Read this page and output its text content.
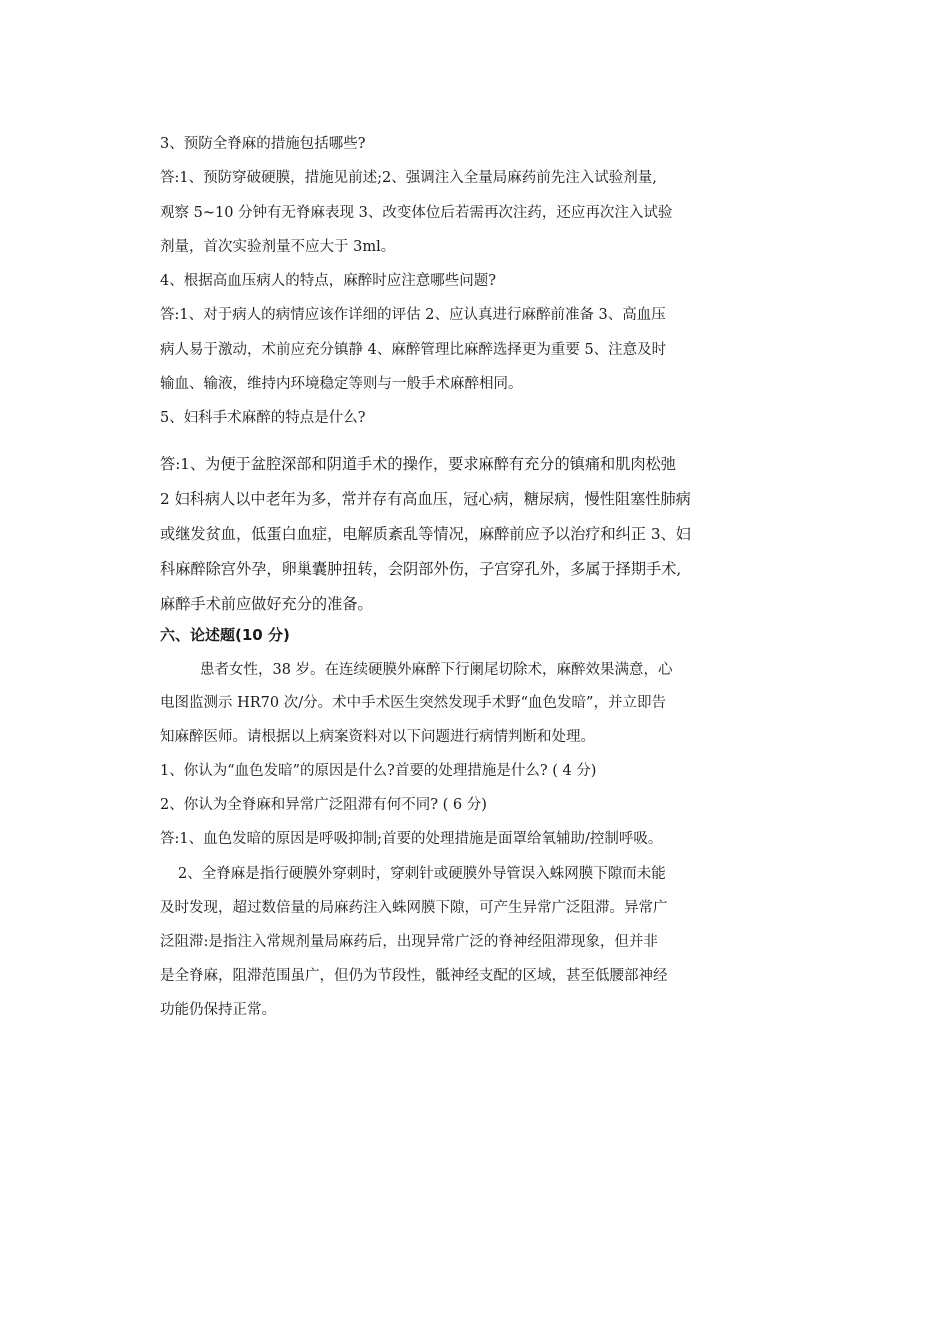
3、预防全脊麻的措施包括哪些?
答:1、预防穿破硬膜，措施见前述;2、强调注入全量局麻药前先注入试验剂量,
观察 5~10 分钟有无脊麻表现 3、改变体位后若需再次注药，还应再次注入试验
剂量，首次实验剂量不应大于 3ml。
4、根据高血压病人的特点，麻醉时应注意哪些问题?
答:1、对于病人的病情应该作详细的评估 2、应认真进行麻醉前准备 3、高血压
病人易于激动，术前应充分镇静 4、麻醉管理比麻醉选择更为重要 5、注意及时
输血、输液，维持内环境稳定等则与一般手术麻醉相同。
5、妇科手术麻醉的特点是什么?
答:1、为便于盆腔深部和阴道手术的操作，要求麻醉有充分的镇痛和肌肉松弛
2 妇科病人以中老年为多，常并存有高血压，冠心病，糖尿病，慢性阻塞性肺病
或继发贫血，低蛋白血症，电解质紊乱等情况，麻醉前应予以治疗和纠正 3、妇
科麻醉除宫外孕，卵巢囊肿扭转，会阴部外伤，子宫穿孔外，多属于择期手术,
麻醉手术前应做好充分的准备。
六、论述题(10 分)
患者女性，38 岁。在连续硬膜外麻醉下行阑尾切除术，麻醉效果满意，心
电图监测示 HR70 次/分。术中手术医生突然发现手术野“血色发暗”，并立即告
知麻醉医师。请根据以上病案资料对以下问题进行病情判断和处理。
1、你认为“血色发暗”的原因是什么?首要的处理措施是什么? ( 4 分)
2、你认为全脊麻和异常广泛阻滞有何不同? ( 6 分)
答:1、血色发暗的原因是呼吸抑制;首要的处理措施是面罩给氧辅助/控制呼吸。
2、全脊麻是指行硬膜外穿刺时，穿刺针或硬膜外导管误入蛛网膜下隙而未能
及时发现，超过数倍量的局麻药注入蛛网膜下隙，可产生异常广泛阻滞。异常广
泛阻滞:是指注入常规剂量局麻药后，出现异常广泛的脊神经阻滞现象，但并非
是全脊麻，阻滞范围虽广，但仍为节段性，骶神经支配的区域，甚至低腰部神经
功能仍保持正常。
